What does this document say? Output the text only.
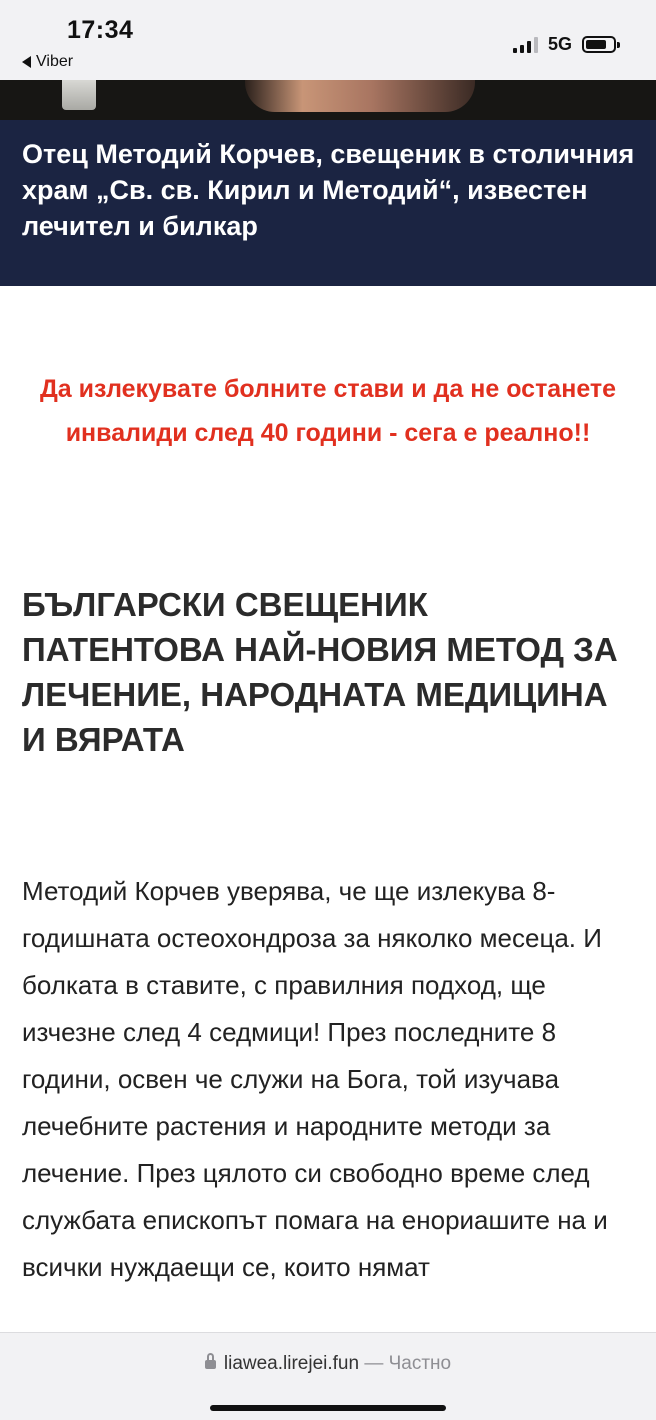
17:34
Viber
5G

Отец Методий Корчев, свещеник в столичния храм „Св. св. Кирил и Методий“, известен лечител и билкар

Да излекувате болните стави и да не останете инвалиди след 40 години - сега е реално!!

БЪЛГАРСКИ СВЕЩЕНИК ПАТЕНТОВА НАЙ-НОВИЯ МЕТОД ЗА ЛЕЧЕНИЕ, НАРОДНАТА МЕДИЦИНА И ВЯРАТА

Методий Корчев уверява, че ще излекува 8-годишната остеохондроза за няколко месеца. И болката в ставите, с правилния подход, ще изчезне след 4 седмици! През последните 8 години, освен че служи на Бога, той изучава лечебните растения и народните методи за лечение. През цялото си свободно време след службата епископът помага на енориашите на и всички нуждаещи се, които нямат

liawea.lirejei.fun — Частно
